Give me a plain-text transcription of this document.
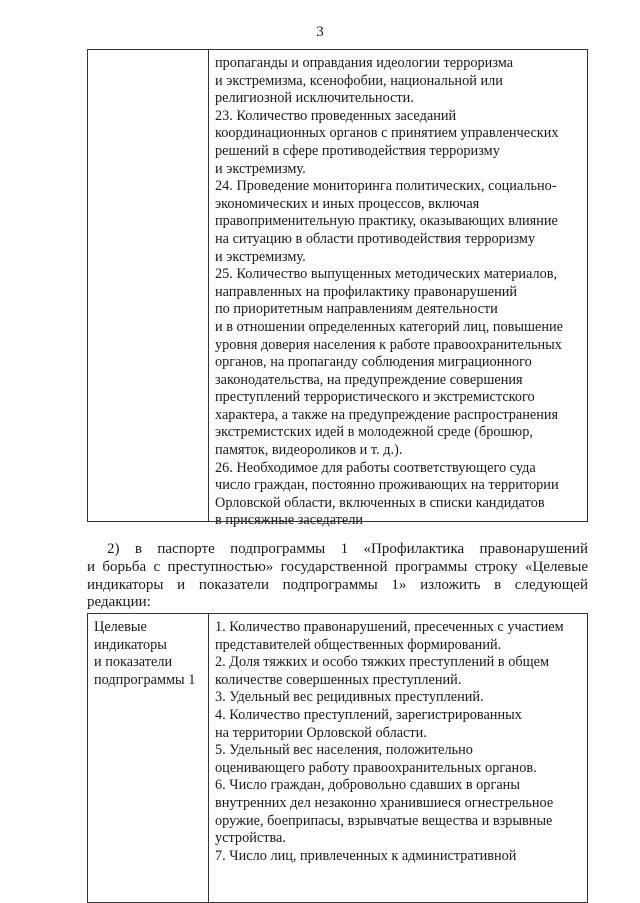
3
пропаганды и оправдания идеологии терроризма
и экстремизма, ксенофобии, национальной или
религиозной исключительности.
23. Количество проведенных заседаний
координационных органов с принятием управленческих
решений в сфере противодействия терроризму
и экстремизму.
24. Проведение мониторинга политических, социально-
экономических и иных процессов, включая
правоприменительную практику, оказывающих влияние
на ситуацию в области противодействия терроризму
и экстремизму.
25. Количество выпущенных методических материалов,
направленных на профилактику правонарушений
по приоритетным направлениям деятельности
и в отношении определенных категорий лиц, повышение
уровня доверия населения к работе правоохранительных
органов, на пропаганду соблюдения миграционного
законодательства, на предупреждение совершения
преступлений террористического и экстремистского
характера, а также на предупреждение распространения
экстремистских идей в молодежной среде (брошюр,
памяток, видеороликов и т. д.).
26. Необходимое для работы соответствующего суда
число граждан, постоянно проживающих на территории
Орловской области, включенных в списки кандидатов
в присяжные заседатели
2) в паспорте подпрограммы 1 «Профилактика правонарушений
и борьба с преступностью» государственной программы строку «Целевые
индикаторы и показатели подпрограммы 1» изложить в следующей
редакции:
Целевые
индикаторы
и показатели
подпрограммы 1
1. Количество правонарушений, пресеченных с участием
представителей общественных формирований.
2. Доля тяжких и особо тяжких преступлений в общем
количестве совершенных преступлений.
3. Удельный вес рецидивных преступлений.
4. Количество преступлений, зарегистрированных
на территории Орловской области.
5. Удельный вес населения, положительно
оценивающего работу правоохранительных органов.
6. Число граждан, добровольно сдавших в органы
внутренних дел незаконно хранившиеся огнестрельное
оружие, боеприпасы, взрывчатые вещества и взрывные
устройства.
7. Число лиц, привлеченных к административной
